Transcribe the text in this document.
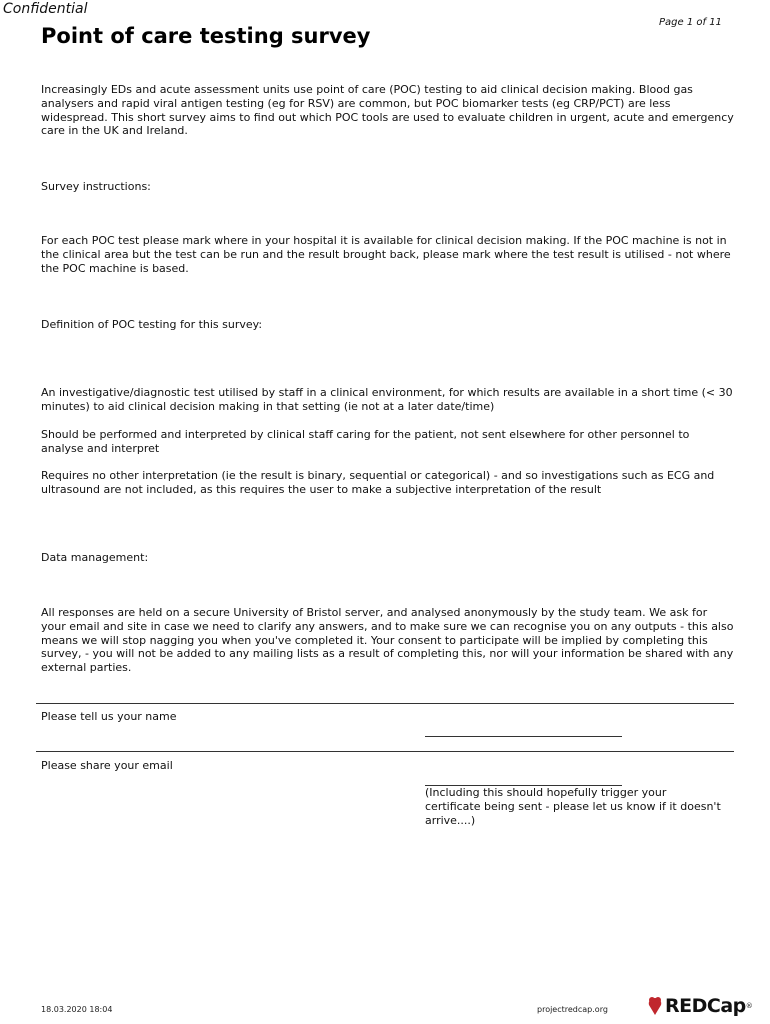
Confidential
Page 1 of 11
Point of care testing survey

Increasingly EDs and acute assessment units use point of care (POC) testing to aid clinical decision making. Blood gas analysers and rapid viral antigen testing (eg for RSV) are common, but POC biomarker tests (eg CRP/PCT) are less widespread. This short survey aims to find out which POC tools are used to evaluate children in urgent, acute and emergency care in the UK and Ireland.

Survey instructions:

For each POC test please mark where in your hospital it is available for clinical decision making. If the POC machine is not in the clinical area but the test can be run and the result brought back, please mark where the test result is utilised - not where the POC machine is based.

Definition of POC testing for this survey:

An investigative/diagnostic test utilised by staff in a clinical environment, for which results are available in a short time (< 30 minutes) to aid clinical decision making in that setting (ie not at a later date/time)

Should be performed and interpreted by clinical staff caring for the patient, not sent elsewhere for other personnel to analyse and interpret

Requires no other interpretation (ie the result is binary, sequential or categorical) - and so investigations such as ECG and ultrasound are not included, as this requires the user to make a subjective interpretation of the result

Data management:

All responses are held on a secure University of Bristol server, and analysed anonymously by the study team. We ask for your email and site in case we need to clarify any answers, and to make sure we can recognise you on any outputs - this also means we will stop nagging you when you've completed it. Your consent to participate will be implied by completing this survey, - you will not be added to any mailing lists as a result of completing this, nor will your information be shared with any external parties.

Please tell us your name
Please share your email

(Including this should hopefully trigger your certificate being sent - please let us know if it doesn't arrive....)

18.03.2020 18:04	projectredcap.org	REDCap ®
